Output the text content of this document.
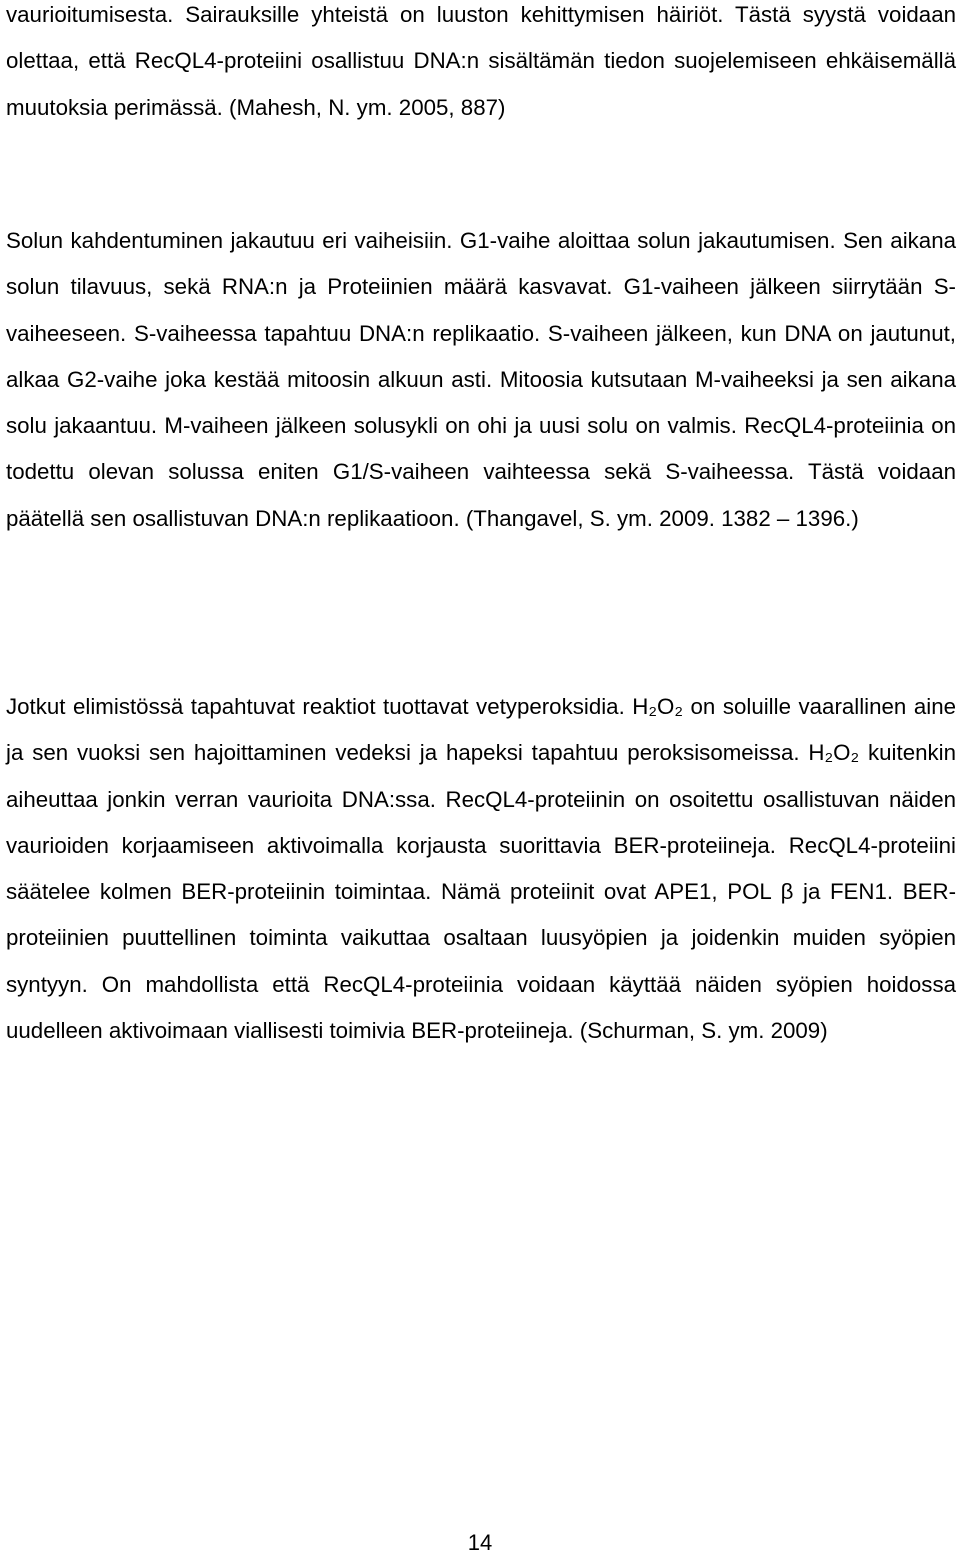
vaurioitumisesta. Sairauksille yhteistä on luuston kehittymisen häiriöt. Tästä syystä voidaan olettaa, että RecQL4-proteiini osallistuu DNA:n sisältämän tiedon suojelemiseen ehkäisemällä muutoksia perimässä. (Mahesh, N. ym. 2005, 887)

Solun kahdentuminen jakautuu eri vaiheisiin. G1-vaihe aloittaa solun jakautumisen. Sen aikana solun tilavuus, sekä RNA:n ja Proteiinien määrä kasvavat. G1-vaiheen jälkeen siirrytään S-vaiheeseen. S-vaiheessa tapahtuu DNA:n replikaatio. S-vaiheen jälkeen, kun DNA on jautunut, alkaa G2-vaihe joka kestää mitoosin alkuun asti. Mitoosia kutsutaan M-vaiheeksi ja sen aikana solu jakaantuu. M-vaiheen jälkeen solusykli on ohi ja uusi solu on valmis. RecQL4-proteiinia on todettu olevan solussa eniten G1/S-vaiheen vaihteessa sekä S-vaiheessa. Tästä voidaan päätellä sen osallistuvan DNA:n replikaatioon. (Thangavel, S. ym. 2009. 1382 – 1396.)

Jotkut elimistössä tapahtuvat reaktiot tuottavat vetyperoksidia. H₂O₂ on soluille vaarallinen aine ja sen vuoksi sen hajoittaminen vedeksi ja hapeksi tapahtuu peroksisomeissa. H₂O₂ kuitenkin aiheuttaa jonkin verran vaurioita DNA:ssa. RecQL4-proteiinin on osoitettu osallistuvan näiden vaurioiden korjaamiseen aktivoimalla korjausta suorittavia BER-proteiineja. RecQL4-proteiini säätelee kolmen BER-proteiinin toimintaa. Nämä proteiinit ovat APE1, POL β ja FEN1. BER-proteiinien puuttellinen toiminta vaikuttaa osaltaan luusyöpien ja joidenkin muiden syöpien syntyyn. On mahdollista että RecQL4-proteiinia voidaan käyttää näiden syöpien hoidossa uudelleen aktivoimaan viallisesti toimivia BER-proteiineja. (Schurman, S. ym. 2009)

14
